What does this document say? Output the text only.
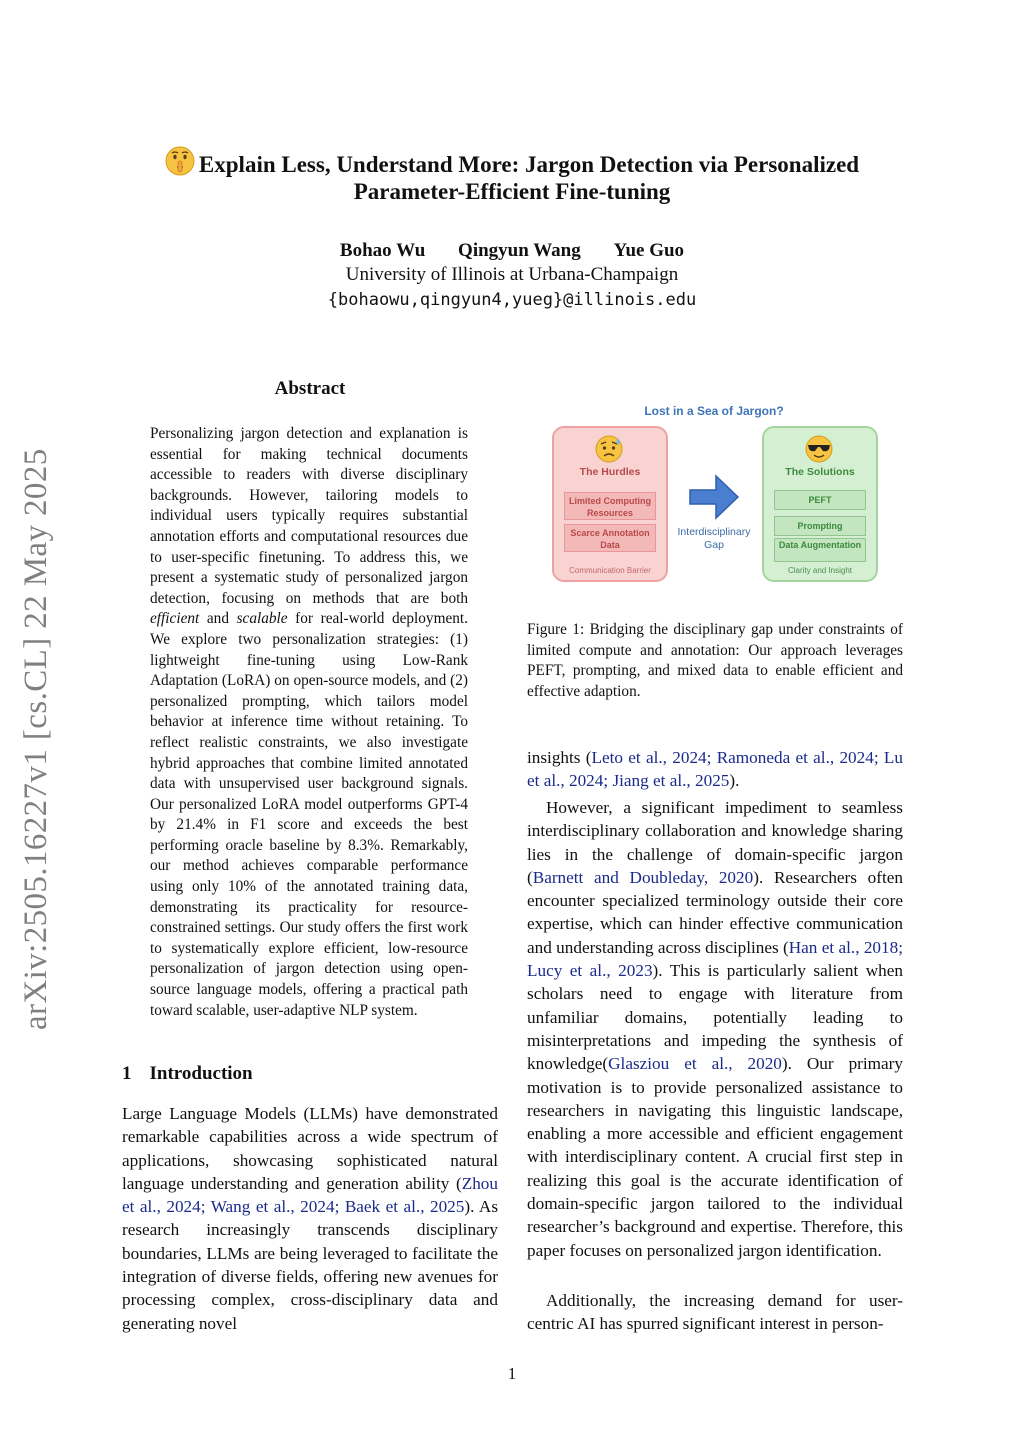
Explain Less, Understand More: Jargon Detection via Personalized
Parameter-Efficient Fine-tuning
Bohao Wu Qingyun Wang Yue Guo
University of Illinois at Urbana-Champaign
{bohaowu,qingyun4,yueg}@illinois.edu
arXiv:2505.16227v1 [cs.CL] 22 May 2025
Abstract
Personalizing jargon detection and explanation is essential for making technical documents accessible to readers with diverse disciplinary backgrounds. However, tailoring models to individual users typically requires substantial annotation efforts and computational resources due to user-specific finetuning. To address this, we present a systematic study of personalized jargon detection, focusing on methods that are both efficient and scalable for real-world deployment. We explore two personalization strategies: (1) lightweight fine-tuning using Low-Rank Adaptation (LoRA) on open-source models, and (2) personalized prompting, which tailors model behavior at inference time without retaining. To reflect realistic constraints, we also investigate hybrid approaches that combine limited annotated data with unsupervised user background signals. Our personalized LoRA model outperforms GPT-4 by 21.4% in F1 score and exceeds the best performing oracle baseline by 8.3%. Remarkably, our method achieves comparable performance using only 10% of the annotated training data, demonstrating its practicality for resource-constrained settings. Our study offers the first work to systematically explore efficient, low-resource personalization of jargon detection using open-source language models, offering a practical path toward scalable, user-adaptive NLP system.
1 Introduction
Large Language Models (LLMs) have demonstrated remarkable capabilities across a wide spectrum of applications, showcasing sophisticated natural language understanding and generation ability (Zhou et al., 2024; Wang et al., 2024; Baek et al., 2025). As research increasingly transcends disciplinary boundaries, LLMs are being leveraged to facilitate the integration of diverse fields, offering new avenues for processing complex, cross-disciplinary data and generating novel
Lost in a Sea of Jargon?
The Hurdles
Limited Computing Resources
Scarce Annotation Data
Communication Barrier
Interdisciplinary Gap
The Solutions
PEFT
Prompting
Data Augmentation
Clarity and Insight
Figure 1: Bridging the disciplinary gap under constraints of limited compute and annotation: Our approach leverages PEFT, prompting, and mixed data to enable efficient and effective adaption.
insights (Leto et al., 2024; Ramoneda et al., 2024; Lu et al., 2024; Jiang et al., 2025).
However, a significant impediment to seamless interdisciplinary collaboration and knowledge sharing lies in the challenge of domain-specific jargon (Barnett and Doubleday, 2020). Researchers often encounter specialized terminology outside their core expertise, which can hinder effective communication and understanding across disciplines (Han et al., 2018; Lucy et al., 2023). This is particularly salient when scholars need to engage with literature from unfamiliar domains, potentially leading to misinterpretations and impeding the synthesis of knowledge(Glasziou et al., 2020). Our primary motivation is to provide personalized assistance to researchers in navigating this linguistic landscape, enabling a more accessible and efficient engagement with interdisciplinary content. A crucial first step in realizing this goal is the accurate identification of domain-specific jargon tailored to the individual researcher’s background and expertise. Therefore, this paper focuses on personalized jargon identification.
Additionally, the increasing demand for user-centric AI has spurred significant interest in person-
1
